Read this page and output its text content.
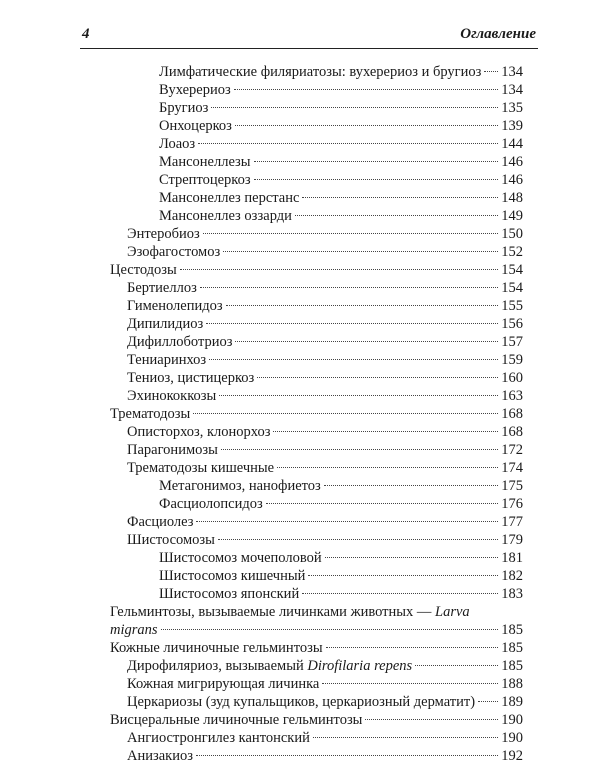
4	Оглавление
Лимфатические филяриатозы: вухерериоз и бругиоз 134
Вухерериоз	134
Бругиоз	135
Онхоцеркоз	139
Лоаоз	144
Мансонеллезы	146
Стрептоцеркоз	146
Мансонеллез перстанс	148
Мансонеллез оззарди	149
Энтеробиоз	150
Эзофагостомоз	152
Цестодозы	154
Бертиеллоз	154
Гименолепидоз	155
Дипилидиоз	156
Дифиллоботриоз	157
Тениаринхоз	159
Тениоз, цистицеркоз	160
Эхинококкозы	163
Трематодозы	168
Описторхоз, клонорхоз	168
Парагонимозы	172
Трематодозы кишечные	174
Метагонимоз, нанофиетоз	175
Фасциолопсидоз	176
Фасциолез	177
Шистосомозы	179
Шистосомоз мочеполовой	181
Шистосомоз кишечный	182
Шистосомоз японский	183
Гельминтозы, вызываемые личинками животных — Larva
migrans	185
Кожные личиночные гельминтозы	185
Дирофиляриоз, вызываемый Dirofilaria repens	185
Кожная мигрирующая личинка	188
Церкариозы (зуд купальщиков, церкариозный дерматит) 189
Висцеральные личиночные гельминтозы	190
Ангиостронгилез кантонский	190
Анизакиоз	192
